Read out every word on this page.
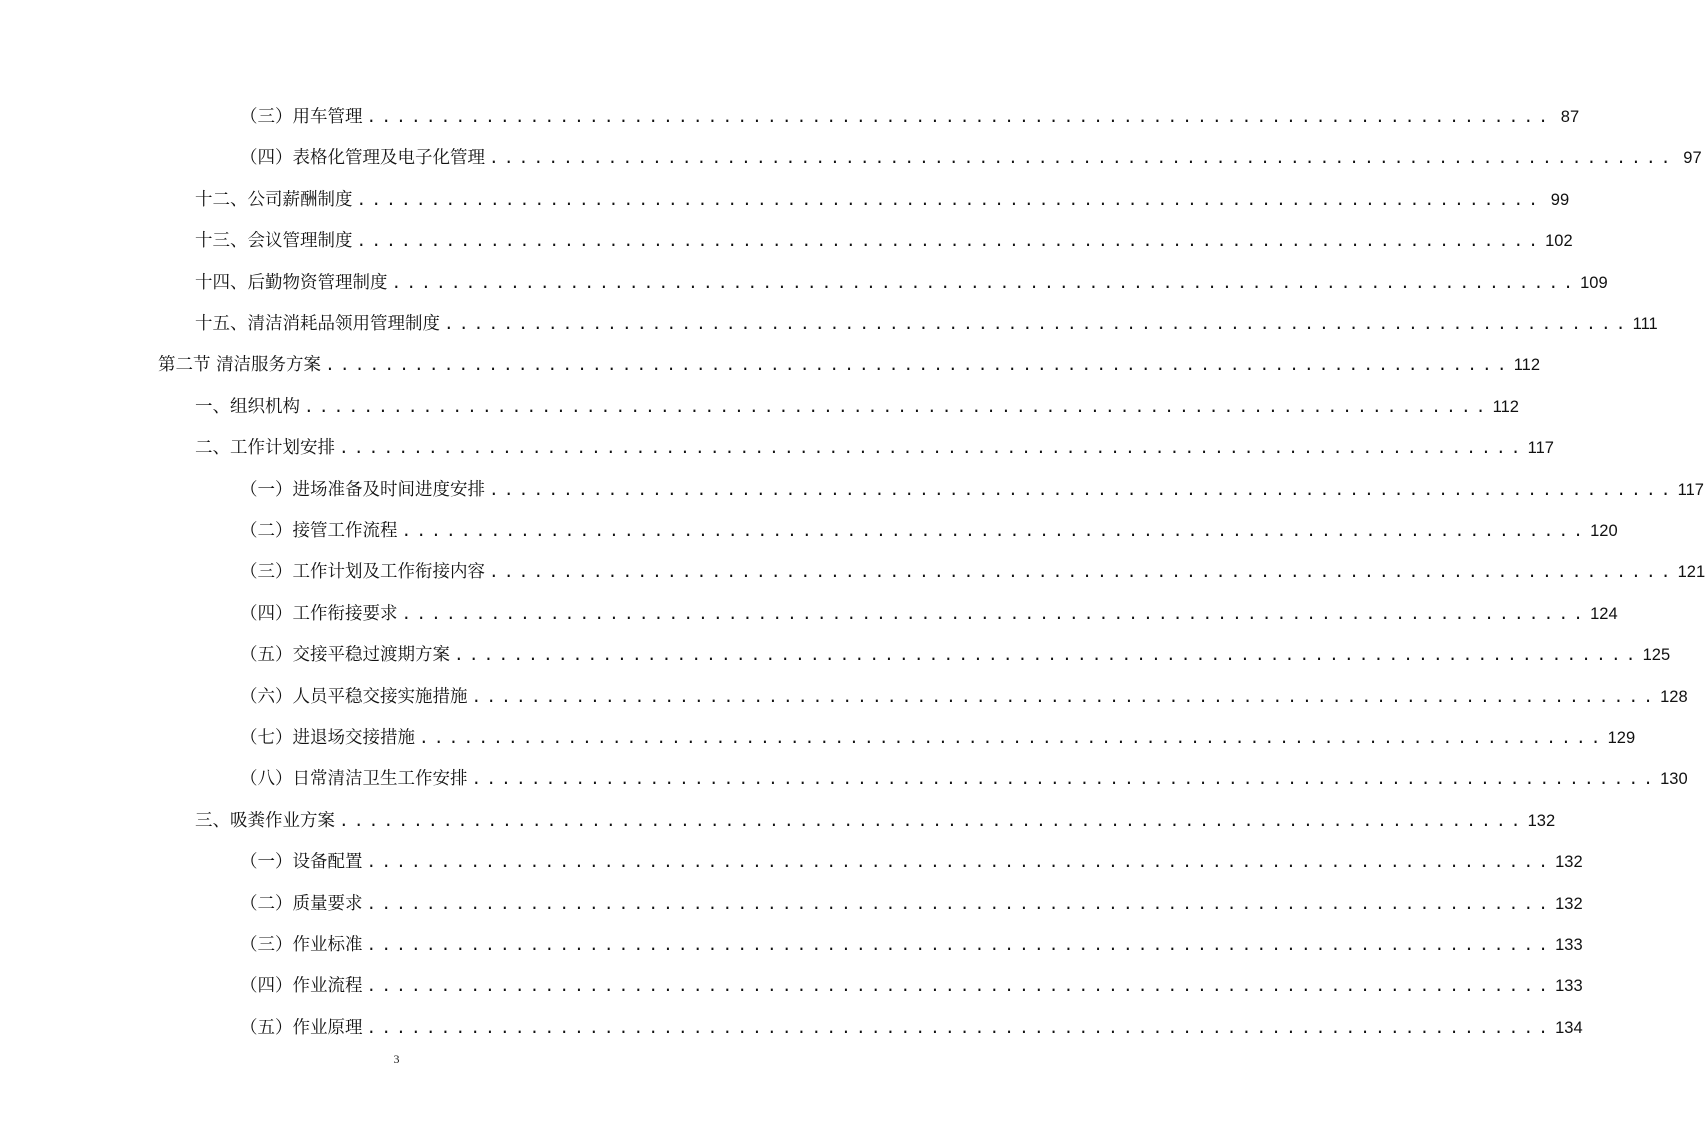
（三）用车管理 ................................................................................ 87
（四）表格化管理及电子化管理 ................................................................................ 97
十二、公司薪酬制度 ................................................................................ 99
十三、会议管理制度 ................................................................................ 102
十四、后勤物资管理制度 ................................................................................ 109
十五、清洁消耗品领用管理制度 ................................................................................ 111
第二节 清洁服务方案 ................................................................................ 112
一、组织机构 ................................................................................ 112
二、工作计划安排 ................................................................................ 117
（一）进场准备及时间进度安排 ................................................................................ 117
（二）接管工作流程 ................................................................................ 120
（三）工作计划及工作衔接内容 ................................................................................ 121
（四）工作衔接要求 ................................................................................ 124
（五）交接平稳过渡期方案 ................................................................................ 125
（六）人员平稳交接实施措施 ................................................................................ 128
（七）进退场交接措施 ................................................................................ 129
（八）日常清洁卫生工作安排 ................................................................................ 130
三、吸粪作业方案 ................................................................................ 132
（一）设备配置 ................................................................................ 132
（二）质量要求 ................................................................................ 132
（三）作业标准 ................................................................................ 133
（四）作业流程 ................................................................................ 133
（五）作业原理 ................................................................................ 134
3
